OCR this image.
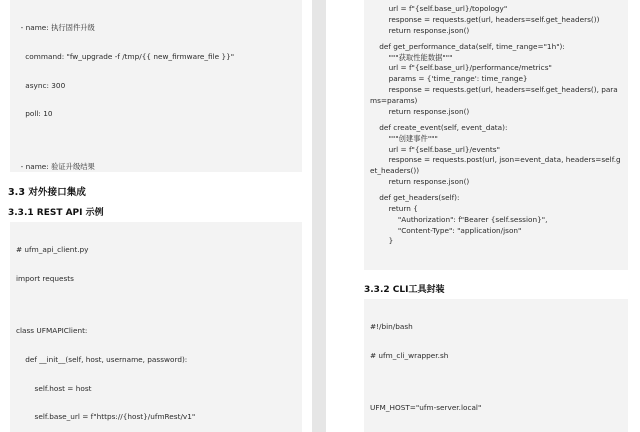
- name: 执行固件升级

command: "fw_upgrade -f /tmp/{{ new_firmware_file }}"

async: 300

poll: 10

- name: 验证升级结果

3.3 对外接口集成
3.3.1 REST API 示例

# ufm_api_client.py

import requests

class UFMAPIClient:

def __init__(self, host, username, password):

self.host = host

self.base_url = f"https://{host}/ufmRest/v1"

url = f"{self.base_url}/topology"
response = requests.get(url, headers=self.get_headers())
return response.json()
def get_performance_data(self, time_range="1h"):
"""获取性能数据"""
url = f"{self.base_url}/performance/metrics"
params = {'time_range': time_range}
response = requests.get(url, headers=self.get_headers(), params=params)
return response.json()
def create_event(self, event_data):
"""创建事件"""
url = f"{self.base_url}/events"
response = requests.post(url, json=event_data, headers=self.get_headers())
return response.json()
def get_headers(self):
return {
"Authorization": f"Bearer {self.session}",
"Content-Type": "application/json"
}
3.3.2 CLI工具封装

#!/bin/bash

# ufm_cli_wrapper.sh

UFM_HOST="ufm-server.local"
